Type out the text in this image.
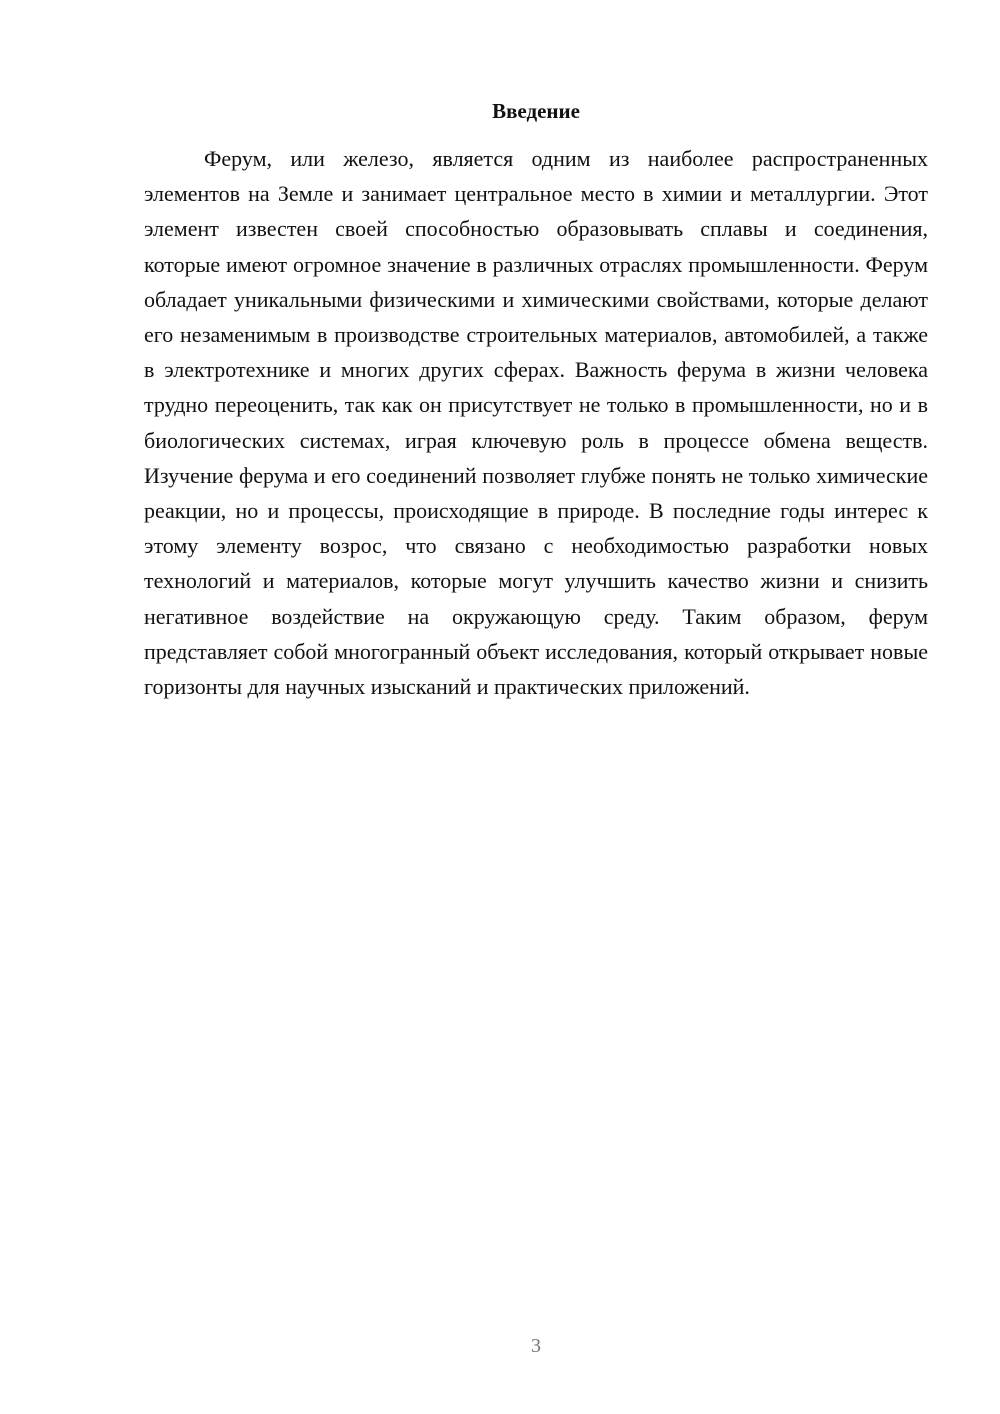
Введение

Ферум, или железо, является одним из наиболее распространенных элементов на Земле и занимает центральное место в химии и металлургии. Этот элемент известен своей способностью образовывать сплавы и соединения, которые имеют огромное значение в различных отраслях промышленности. Ферум обладает уникальными физическими и химическими свойствами, которые делают его незаменимым в производстве строительных материалов, автомобилей, а также в электротехнике и многих других сферах. Важность ферума в жизни человека трудно переоценить, так как он присутствует не только в промышленности, но и в биологических системах, играя ключевую роль в процессе обмена веществ. Изучение ферума и его соединений позволяет глубже понять не только химические реакции, но и процессы, происходящие в природе. В последние годы интерес к этому элементу возрос, что связано с необходимостью разработки новых технологий и материалов, которые могут улучшить качество жизни и снизить негативное воздействие на окружающую среду. Таким образом, ферум представляет собой многогранный объект исследования, который открывает новые горизонты для научных изысканий и практических приложений.

3
